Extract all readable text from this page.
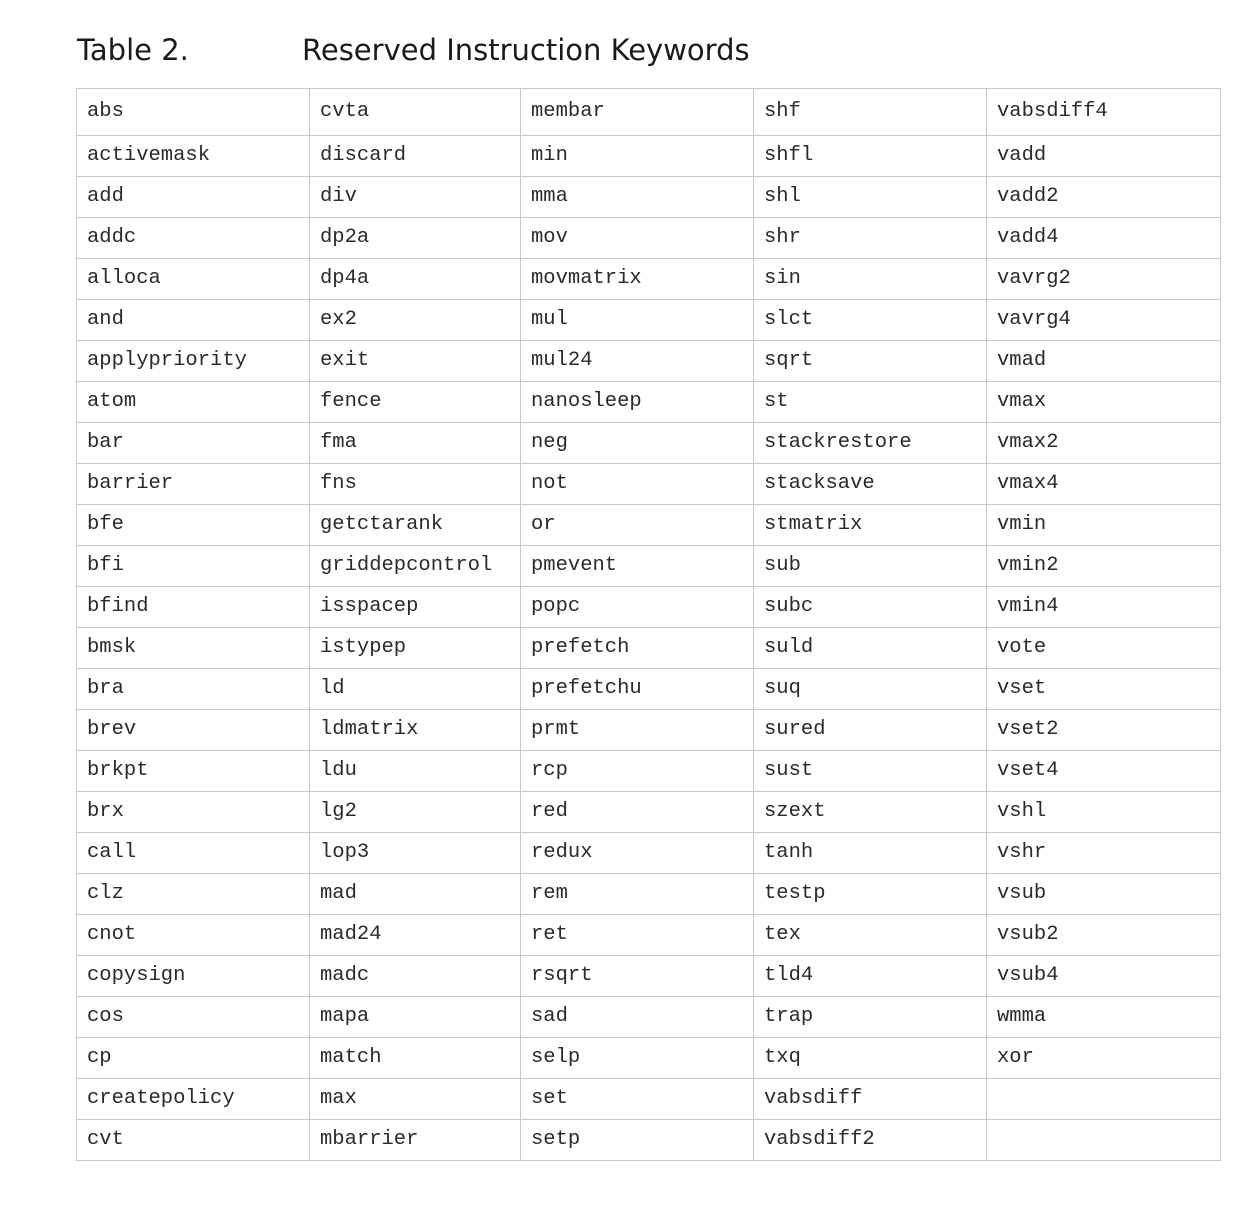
Table 2.	Reserved Instruction Keywords
abs	cvta	membar	shf	vabsdiff4
activemask	discard	min	shfl	vadd
add	div	mma	shl	vadd2
addc	dp2a	mov	shr	vadd4
alloca	dp4a	movmatrix	sin	vavrg2
and	ex2	mul	slct	vavrg4
applypriority	exit	mul24	sqrt	vmad
atom	fence	nanosleep	st	vmax
bar	fma	neg	stackrestore	vmax2
barrier	fns	not	stacksave	vmax4
bfe	getctarank	or	stmatrix	vmin
bfi	griddepcontrol	pmevent	sub	vmin2
bfind	isspacep	popc	subc	vmin4
bmsk	istypep	prefetch	suld	vote
bra	ld	prefetchu	suq	vset
brev	ldmatrix	prmt	sured	vset2
brkpt	ldu	rcp	sust	vset4
brx	lg2	red	szext	vshl
call	lop3	redux	tanh	vshr
clz	mad	rem	testp	vsub
cnot	mad24	ret	tex	vsub2
copysign	madc	rsqrt	tld4	vsub4
cos	mapa	sad	trap	wmma
cp	match	selp	txq	xor
createpolicy	max	set	vabsdiff	
cvt	mbarrier	setp	vabsdiff2	
